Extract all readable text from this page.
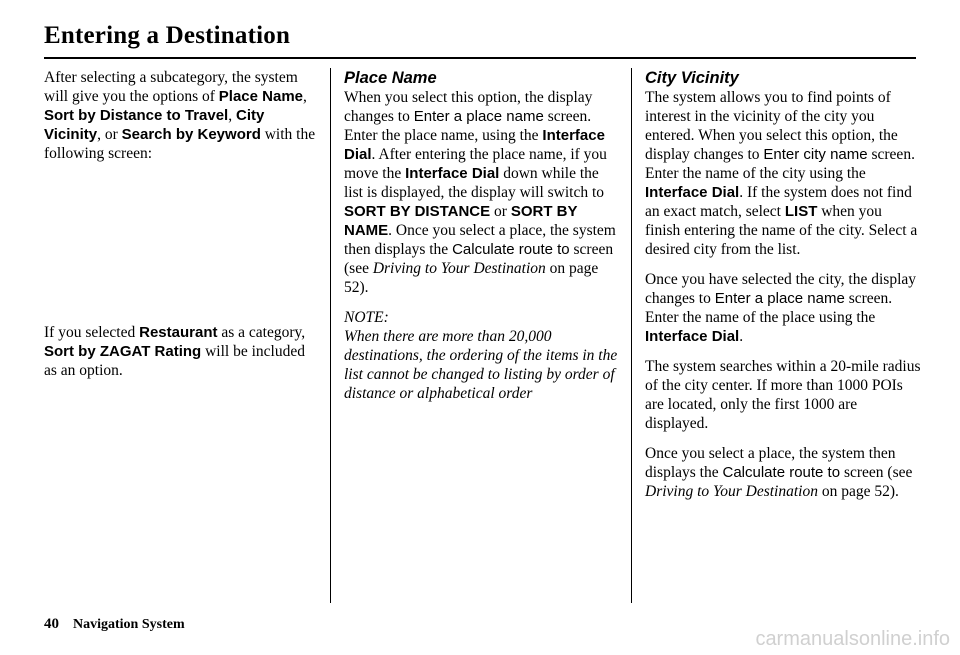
Entering a Destination

After selecting a subcategory, the system will give you the options of Place Name, Sort by Distance to Travel, City Vicinity, or Search by Keyword with the following screen:

If you selected Restaurant as a category, Sort by ZAGAT Rating will be included as an option.

Place Name

When you select this option, the display changes to Enter a place name screen. Enter the place name, using the Interface Dial. After entering the place name, if you move the Interface Dial down while the list is displayed, the display will switch to SORT BY DISTANCE or SORT BY NAME. Once you select a place, the system then displays the Calculate route to screen (see Driving to Your Destination on page 52).

NOTE:
When there are more than 20,000 destinations, the ordering of the items in the list cannot be changed to listing by order of distance or alphabetical order

City Vicinity

The system allows you to find points of interest in the vicinity of the city you entered. When you select this option, the display changes to Enter city name screen. Enter the name of the city using the Interface Dial. If the system does not find an exact match, select LIST when you finish entering the name of the city. Select a desired city from the list.

Once you have selected the city, the display changes to Enter a place name screen. Enter the name of the place using the Interface Dial.

The system searches within a 20-mile radius of the city center. If more than 1000 POIs are located, only the first 1000 are displayed.

Once you select a place, the system then displays the Calculate route to screen (see Driving to Your Destination on page 52).

40 Navigation System
carmanualsonline.info
